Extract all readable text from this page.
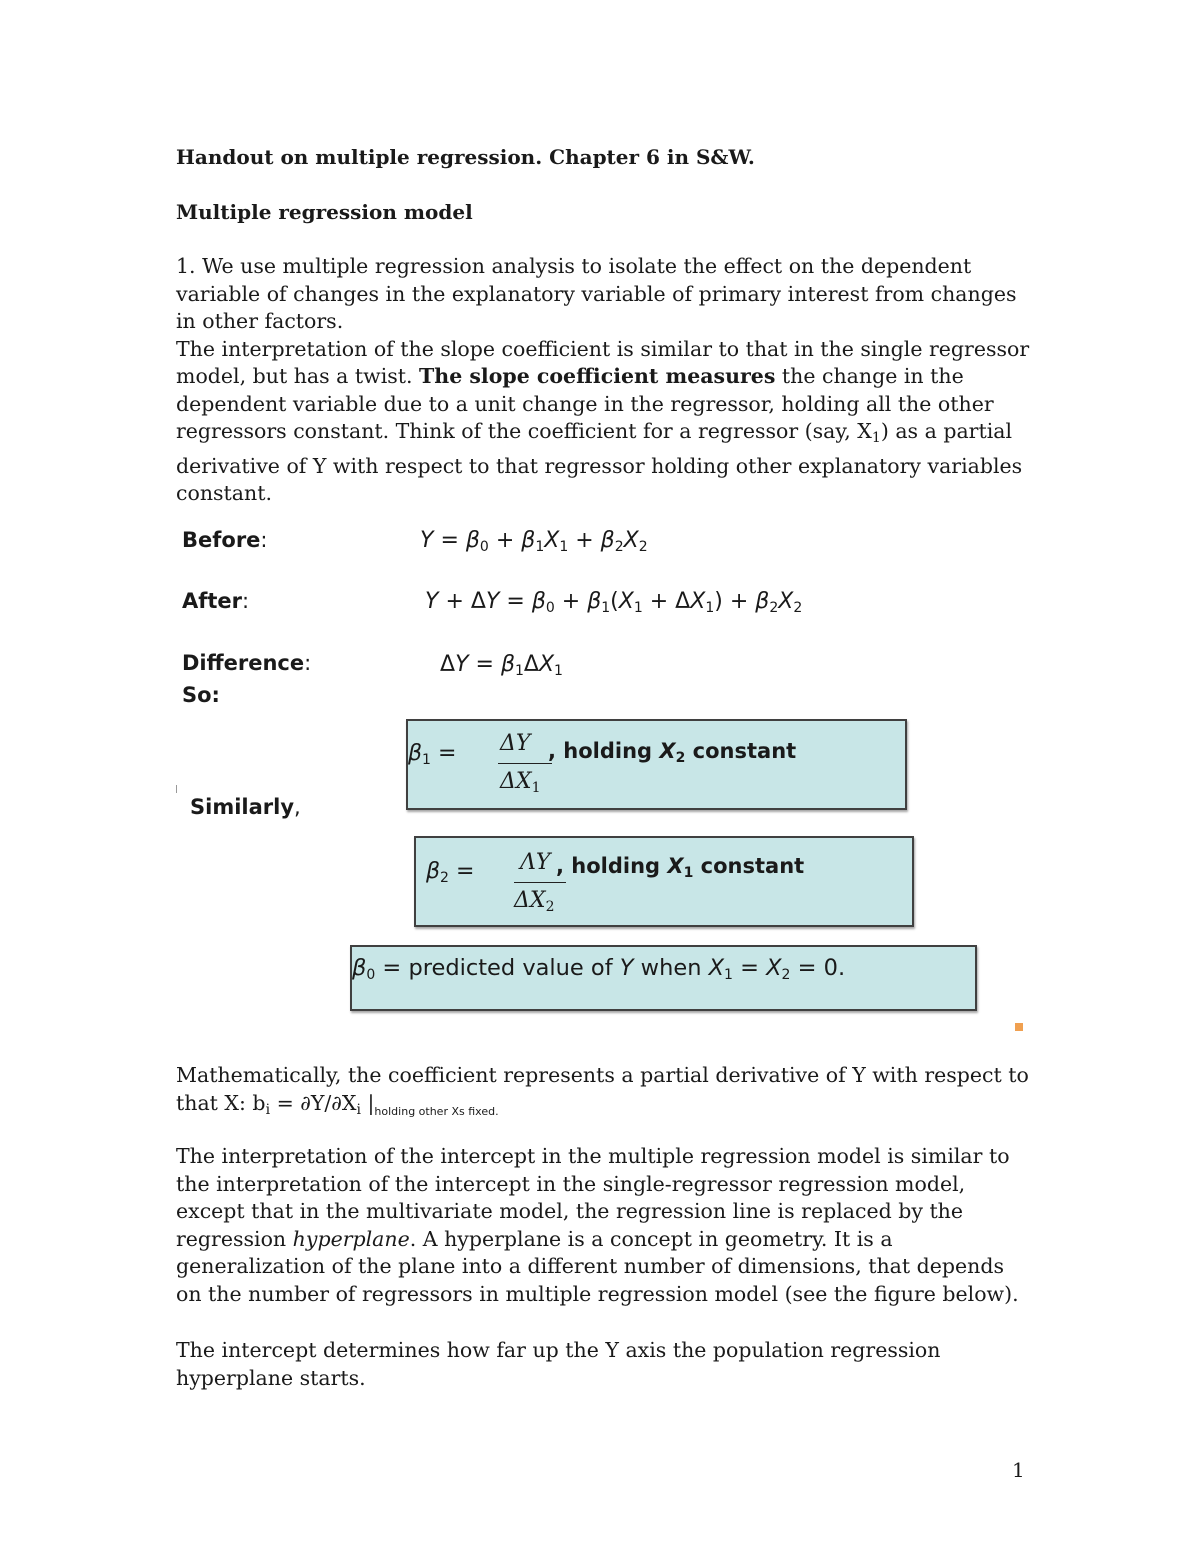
Handout on multiple regression. Chapter 6 in S&W.
Multiple regression model
1. We use multiple regression analysis to isolate the effect on the dependent variable of changes in the explanatory variable of primary interest from changes in other factors.
The interpretation of the slope coefficient is similar to that in the single regressor model, but has a twist. The slope coefficient measures the change in the dependent variable due to a unit change in the regressor, holding all the other regressors constant. Think of the coefficient for a regressor (say, $X_1$) as a partial derivative of Y with respect to that regressor holding other explanatory variables constant.
Before:	$Y = \beta_0 + \beta_1X_1 + \beta_2X_2$
After:	$Y + \Delta Y = \beta_0 + \beta_1(X_1 + \Delta X_1) + \beta_2X_2$
Difference:	$\Delta Y = \beta_1\Delta X_1$
So:
Similarly,
$\beta_1 = \Delta Y$
$\Delta X_1$
, holding $X_2$ constant
$\beta_2 = \Lambda Y$
$\Delta X_2$
, holding $X_1$ constant
$\beta_0$ = predicted value of Y when $X_1 = X_2 = 0$.
Mathematically, the coefficient represents a partial derivative of Y with respect to
that X: $b_i = \partial Y/\partial X_i$ $|_{holding other Xs fixed.}$
The interpretation of the intercept in the multiple regression model is similar to the interpretation of the intercept in the single-regressor regression model, except that in the multivariate model, the regression line is replaced by the regression hyperplane. A hyperplane is a concept in geometry. It is a generalization of the plane into a different number of dimensions, that depends on the number of regressors in multiple regression model (see the figure below).
The intercept determines how far up the Y axis the population regression hyperplane starts.
1
